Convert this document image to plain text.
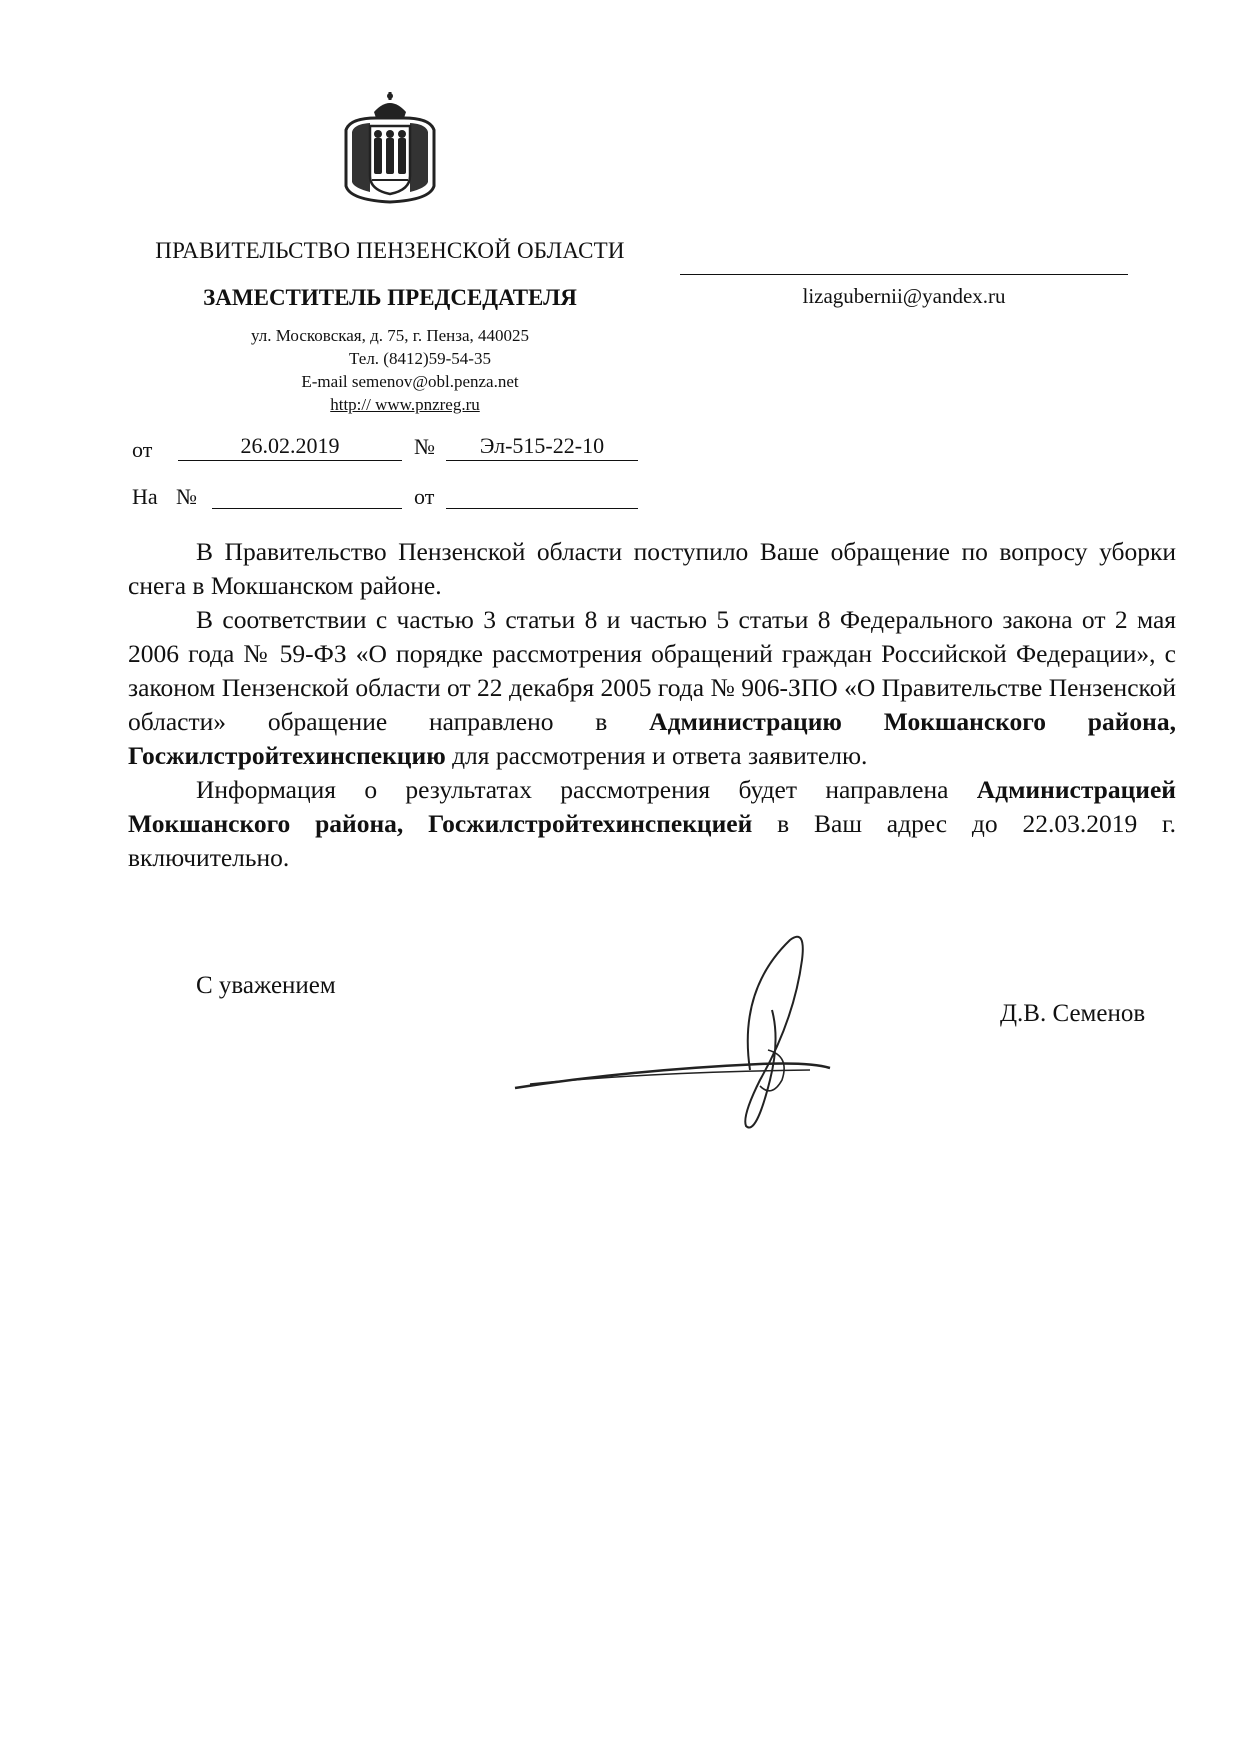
ПРАВИТЕЛЬСТВО ПЕНЗЕНСКОЙ ОБЛАСТИ
ЗАМЕСТИТЕЛЬ ПРЕДСЕДАТЕЛЯ
ул. Московская, д. 75, г. Пенза, 440025
Тел. (8412)59-54-35
E-mail semenov@obl.penza.net
http:// www.pnzreg.ru
lizagubernii@yandex.ru
от	26.02.2019	№	Эл-515-22-10
На №	от

В Правительство Пензенской области поступило Ваше обращение по вопросу уборки снега в Мокшанском районе.

В соответствии с частью 3 статьи 8 и частью 5 статьи 8 Федерального закона от 2 мая 2006 года № 59-ФЗ «О порядке рассмотрения обращений граждан Российской Федерации», с законом Пензенской области от 22 декабря 2005 года № 906-ЗПО «О Правительстве Пензенской области» обращение направлено в Администрацию Мокшанского района, Госжилстройтехинспекцию для рассмотрения и ответа заявителю.

Информация о результатах рассмотрения будет направлена Администрацией Мокшанского района, Госжилстройтехинспекцией в Ваш адрес до 22.03.2019 г. включительно.

С уважением
Д.В. Семенов
